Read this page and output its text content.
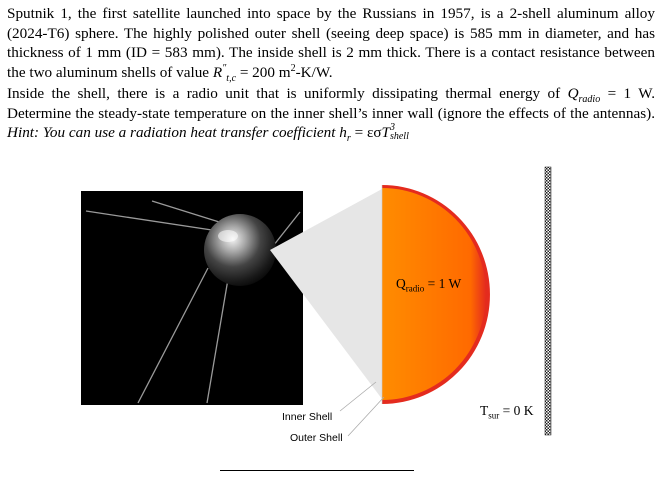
Sputnik 1, the first satellite launched into space by the Russians in 1957, is a 2-shell aluminum alloy (2024-T6) sphere. The highly polished outer shell (seeing deep space) is 585 mm in diameter, and has thickness of 1 mm (ID = 583 mm). The inside shell is 2 mm thick. There is a contact resistance between the two aluminum shells of value $R''_{t,c} = 200$ $m^2-K/W$.

Inside the shell, there is a radio unit that is uniformly dissipating thermal energy of $Q_{radio} = 1$ W. Determine the steady-state temperature on the inner shell’s inner wall (ignore the effects of the antennas). Hint: You can use a radiation heat transfer coefficient $h_r = \varepsilon\sigma T$ 3
shell

$Q_{radio} = 1$ W
$T_{sur} = 0$ K
Inner Shell
Outer Shell
